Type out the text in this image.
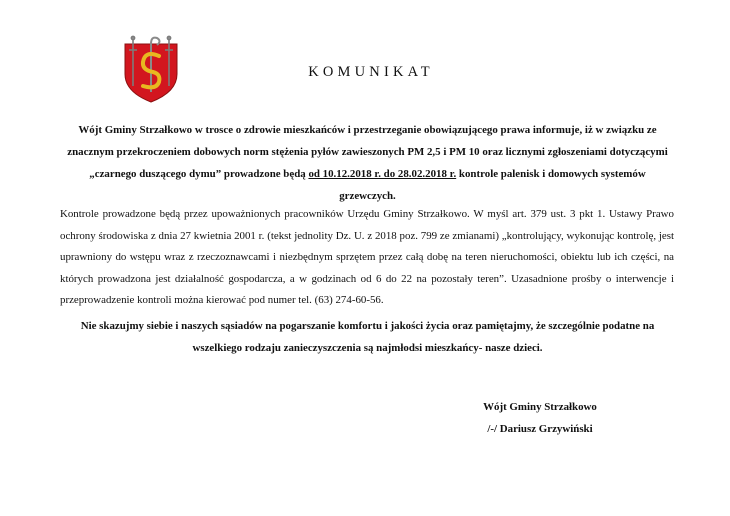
KOMUNIKAT
Wójt Gminy Strzałkowo w trosce o zdrowie mieszkańców i przestrzeganie obowiązującego prawa informuje, iż w związku ze znacznym przekroczeniem dobowych norm stężenia pyłów zawieszonych PM 2,5 i PM 10 oraz licznymi zgłoszeniami dotyczącymi „czarnego duszącego dymu” prowadzone będą od 10.12.2018 r. do 28.02.2018 r. kontrole palenisk i domowych systemów grzewczych.
Kontrole prowadzone będą przez upoważnionych pracowników Urzędu Gminy Strzałkowo. W myśl art. 379 ust. 3 pkt 1. Ustawy Prawo ochrony środowiska z dnia 27 kwietnia 2001 r. (tekst jednolity Dz. U. z 2018 poz. 799 ze zmianami) „kontrolujący, wykonując kontrolę, jest uprawniony do wstępu wraz z rzeczoznawcami i niezbędnym sprzętem przez całą dobę na teren nieruchomości, obiektu lub ich części, na których prowadzona jest działalność gospodarcza, a w godzinach od 6 do 22 na pozostały teren”. Uzasadnione prośby o interwencje i przeprowadzenie kontroli można kierować pod numer tel. (63) 274-60-56.
Nie skazujmy siebie i naszych sąsiadów na pogarszanie komfortu i jakości życia oraz pamiętajmy, że szczególnie podatne na wszelkiego rodzaju zanieczyszczenia są najmłodsi mieszkańcy- nasze dzieci.
Wójt Gminy Strzałkowo
/-/ Dariusz Grzywiński
